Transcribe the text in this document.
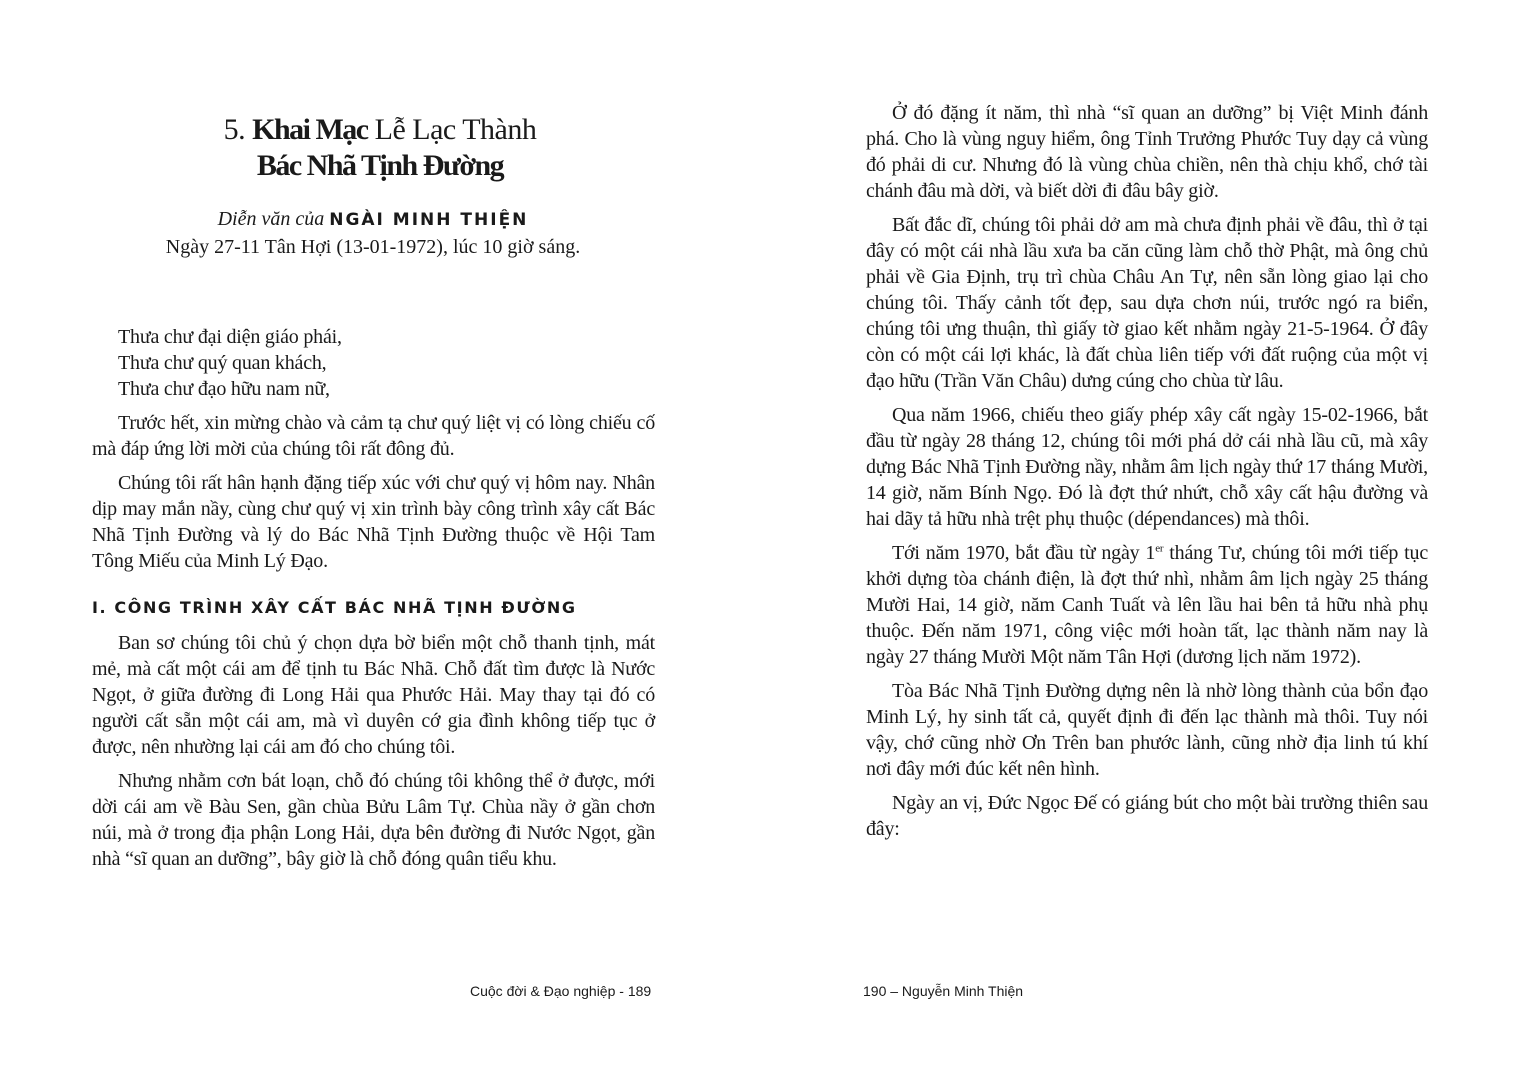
5. Khai Mạc Lễ Lạc Thành
Bác Nhã Tịnh Đường
Diễn văn của NGÀI MINH THIỆN
Ngày 27-11 Tân Hợi (13-01-1972), lúc 10 giờ sáng.

Thưa chư đại diện giáo phái,

Thưa chư quý quan khách,

Thưa chư đạo hữu nam nữ,

Trước hết, xin mừng chào và cảm tạ chư quý liệt vị có lòng chiếu cố mà đáp ứng lời mời của chúng tôi rất đông đủ.

Chúng tôi rất hân hạnh đặng tiếp xúc với chư quý vị hôm nay. Nhân dịp may mắn nầy, cùng chư quý vị xin trình bày công trình xây cất Bác Nhã Tịnh Đường và lý do Bác Nhã Tịnh Đường thuộc về Hội Tam Tông Miếu của Minh Lý Đạo.

I. CÔNG TRÌNH XÂY CẤT BÁC NHÃ TỊNH ĐƯỜNG

Ban sơ chúng tôi chủ ý chọn dựa bờ biển một chỗ thanh tịnh, mát mẻ, mà cất một cái am để tịnh tu Bác Nhã. Chỗ đất tìm được là Nước Ngọt, ở giữa đường đi Long Hải qua Phước Hải. May thay tại đó có người cất sẵn một cái am, mà vì duyên cớ gia đình không tiếp tục ở được, nên nhường lại cái am đó cho chúng tôi.

Nhưng nhằm cơn bát loạn, chỗ đó chúng tôi không thể ở được, mới dời cái am về Bàu Sen, gần chùa Bửu Lâm Tự. Chùa nầy ở gần chơn núi, mà ở trong địa phận Long Hải, dựa bên đường đi Nước Ngọt, gần nhà “sĩ quan an dưỡng”, bây giờ là chỗ đóng quân tiểu khu.

Cuộc đời & Đạo nghiệp - 189

Ở đó đặng ít năm, thì nhà “sĩ quan an dưỡng” bị Việt Minh đánh phá. Cho là vùng nguy hiểm, ông Tỉnh Trưởng Phước Tuy dạy cả vùng đó phải di cư. Nhưng đó là vùng chùa chiền, nên thà chịu khổ, chớ tài chánh đâu mà dời, và biết dời đi đâu bây giờ.

Bất đắc dĩ, chúng tôi phải dở am mà chưa định phải về đâu, thì ở tại đây có một cái nhà lầu xưa ba căn cũng làm chỗ thờ Phật, mà ông chủ phải về Gia Định, trụ trì chùa Châu An Tự, nên sẵn lòng giao lại cho chúng tôi. Thấy cảnh tốt đẹp, sau dựa chơn núi, trước ngó ra biển, chúng tôi ưng thuận, thì giấy tờ giao kết nhằm ngày 21-5-1964. Ở đây còn có một cái lợi khác, là đất chùa liên tiếp với đất ruộng của một vị đạo hữu (Trần Văn Châu) dưng cúng cho chùa từ lâu.

Qua năm 1966, chiếu theo giấy phép xây cất ngày 15-02-1966, bắt đầu từ ngày 28 tháng 12, chúng tôi mới phá dở cái nhà lầu cũ, mà xây dựng Bác Nhã Tịnh Đường nầy, nhằm âm lịch ngày thứ 17 tháng Mười, 14 giờ, năm Bính Ngọ. Đó là đợt thứ nhứt, chỗ xây cất hậu đường và hai dãy tả hữu nhà trệt phụ thuộc (dépendances) mà thôi.

Tới năm 1970, bắt đầu từ ngày 1er tháng Tư, chúng tôi mới tiếp tục khởi dựng tòa chánh điện, là đợt thứ nhì, nhằm âm lịch ngày 25 tháng Mười Hai, 14 giờ, năm Canh Tuất và lên lầu hai bên tả hữu nhà phụ thuộc. Đến năm 1971, công việc mới hoàn tất, lạc thành năm nay là ngày 27 tháng Mười Một năm Tân Hợi (dương lịch năm 1972).

Tòa Bác Nhã Tịnh Đường dựng nên là nhờ lòng thành của bổn đạo Minh Lý, hy sinh tất cả, quyết định đi đến lạc thành mà thôi. Tuy nói vậy, chớ cũng nhờ Ơn Trên ban phước lành, cũng nhờ địa linh tú khí nơi đây mới đúc kết nên hình.

Ngày an vị, Đức Ngọc Đế có giáng bút cho một bài trường thiên sau đây:

190 – Nguyễn Minh Thiện
